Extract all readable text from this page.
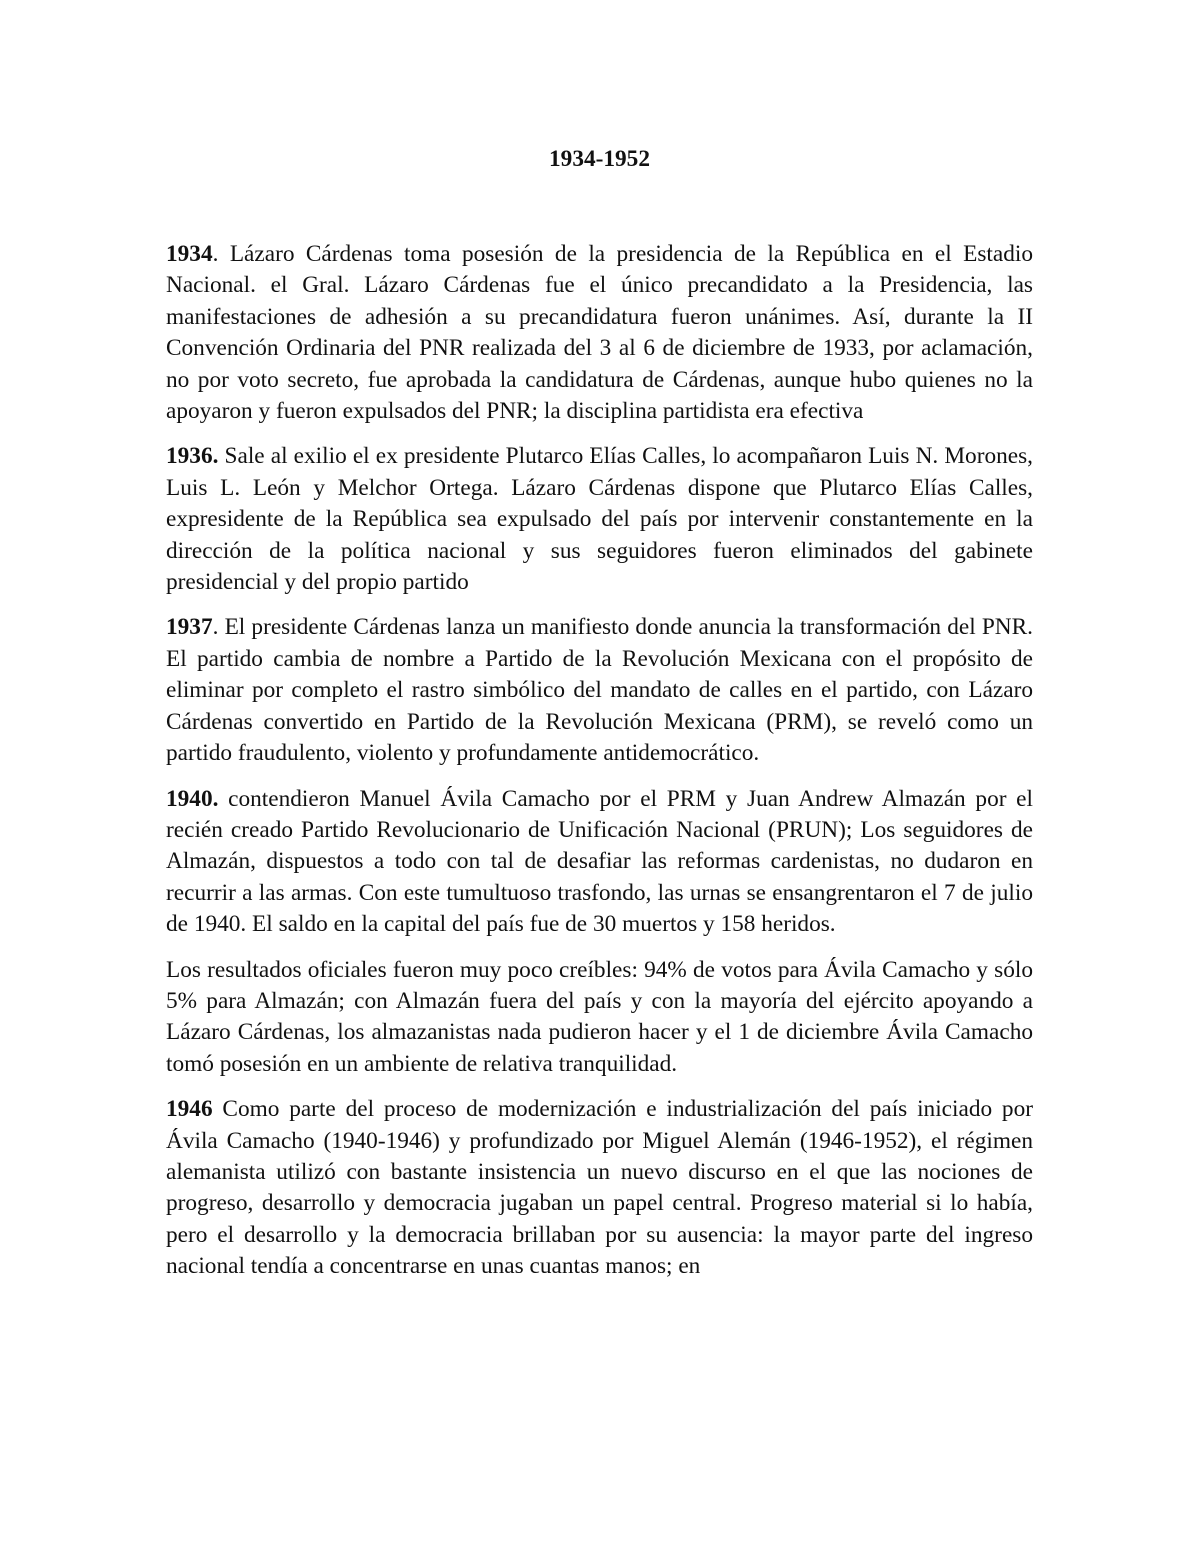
1934-1952

1934. Lázaro Cárdenas toma posesión de la presidencia de la República en el Estadio Nacional. el Gral. Lázaro Cárdenas fue el único precandidato a la Presidencia, las manifestaciones de adhesión a su precandidatura fueron unánimes. Así, durante la II Convención Ordinaria del PNR realizada del 3 al 6 de diciembre de 1933, por aclamación, no por voto secreto, fue aprobada la candidatura de Cárdenas, aunque hubo quienes no la apoyaron y fueron expulsados del PNR; la disciplina partidista era efectiva

1936. Sale al exilio el ex presidente Plutarco Elías Calles, lo acompañaron Luis N. Morones, Luis L. León y Melchor Ortega. Lázaro Cárdenas dispone que Plutarco Elías Calles, expresidente de la República sea expulsado del país por intervenir constantemente en la dirección de la política nacional y sus seguidores fueron eliminados del gabinete presidencial y del propio partido

1937. El presidente Cárdenas lanza un manifiesto donde anuncia la transformación del PNR. El partido cambia de nombre a Partido de la Revolución Mexicana con el propósito de eliminar por completo el rastro simbólico del mandato de calles en el partido, con Lázaro Cárdenas convertido en Partido de la Revolución Mexicana (PRM), se reveló como un partido fraudulento, violento y profundamente antidemocrático.

1940. contendieron Manuel Ávila Camacho por el PRM y Juan Andrew Almazán por el recién creado Partido Revolucionario de Unificación Nacional (PRUN); Los seguidores de Almazán, dispuestos a todo con tal de desafiar las reformas cardenistas, no dudaron en recurrir a las armas. Con este tumultuoso trasfondo, las urnas se ensangrentaron el 7 de julio de 1940. El saldo en la capital del país fue de 30 muertos y 158 heridos.

Los resultados oficiales fueron muy poco creíbles: 94% de votos para Ávila Camacho y sólo 5% para Almazán; con Almazán fuera del país y con la mayoría del ejército apoyando a Lázaro Cárdenas, los almazanistas nada pudieron hacer y el 1 de diciembre Ávila Camacho tomó posesión en un ambiente de relativa tranquilidad.

1946 Como parte del proceso de modernización e industrialización del país iniciado por Ávila Camacho (1940-1946) y profundizado por Miguel Alemán (1946-1952), el régimen alemanista utilizó con bastante insistencia un nuevo discurso en el que las nociones de progreso, desarrollo y democracia jugaban un papel central. Progreso material si lo había, pero el desarrollo y la democracia brillaban por su ausencia: la mayor parte del ingreso nacional tendía a concentrarse en unas cuantas manos; en
